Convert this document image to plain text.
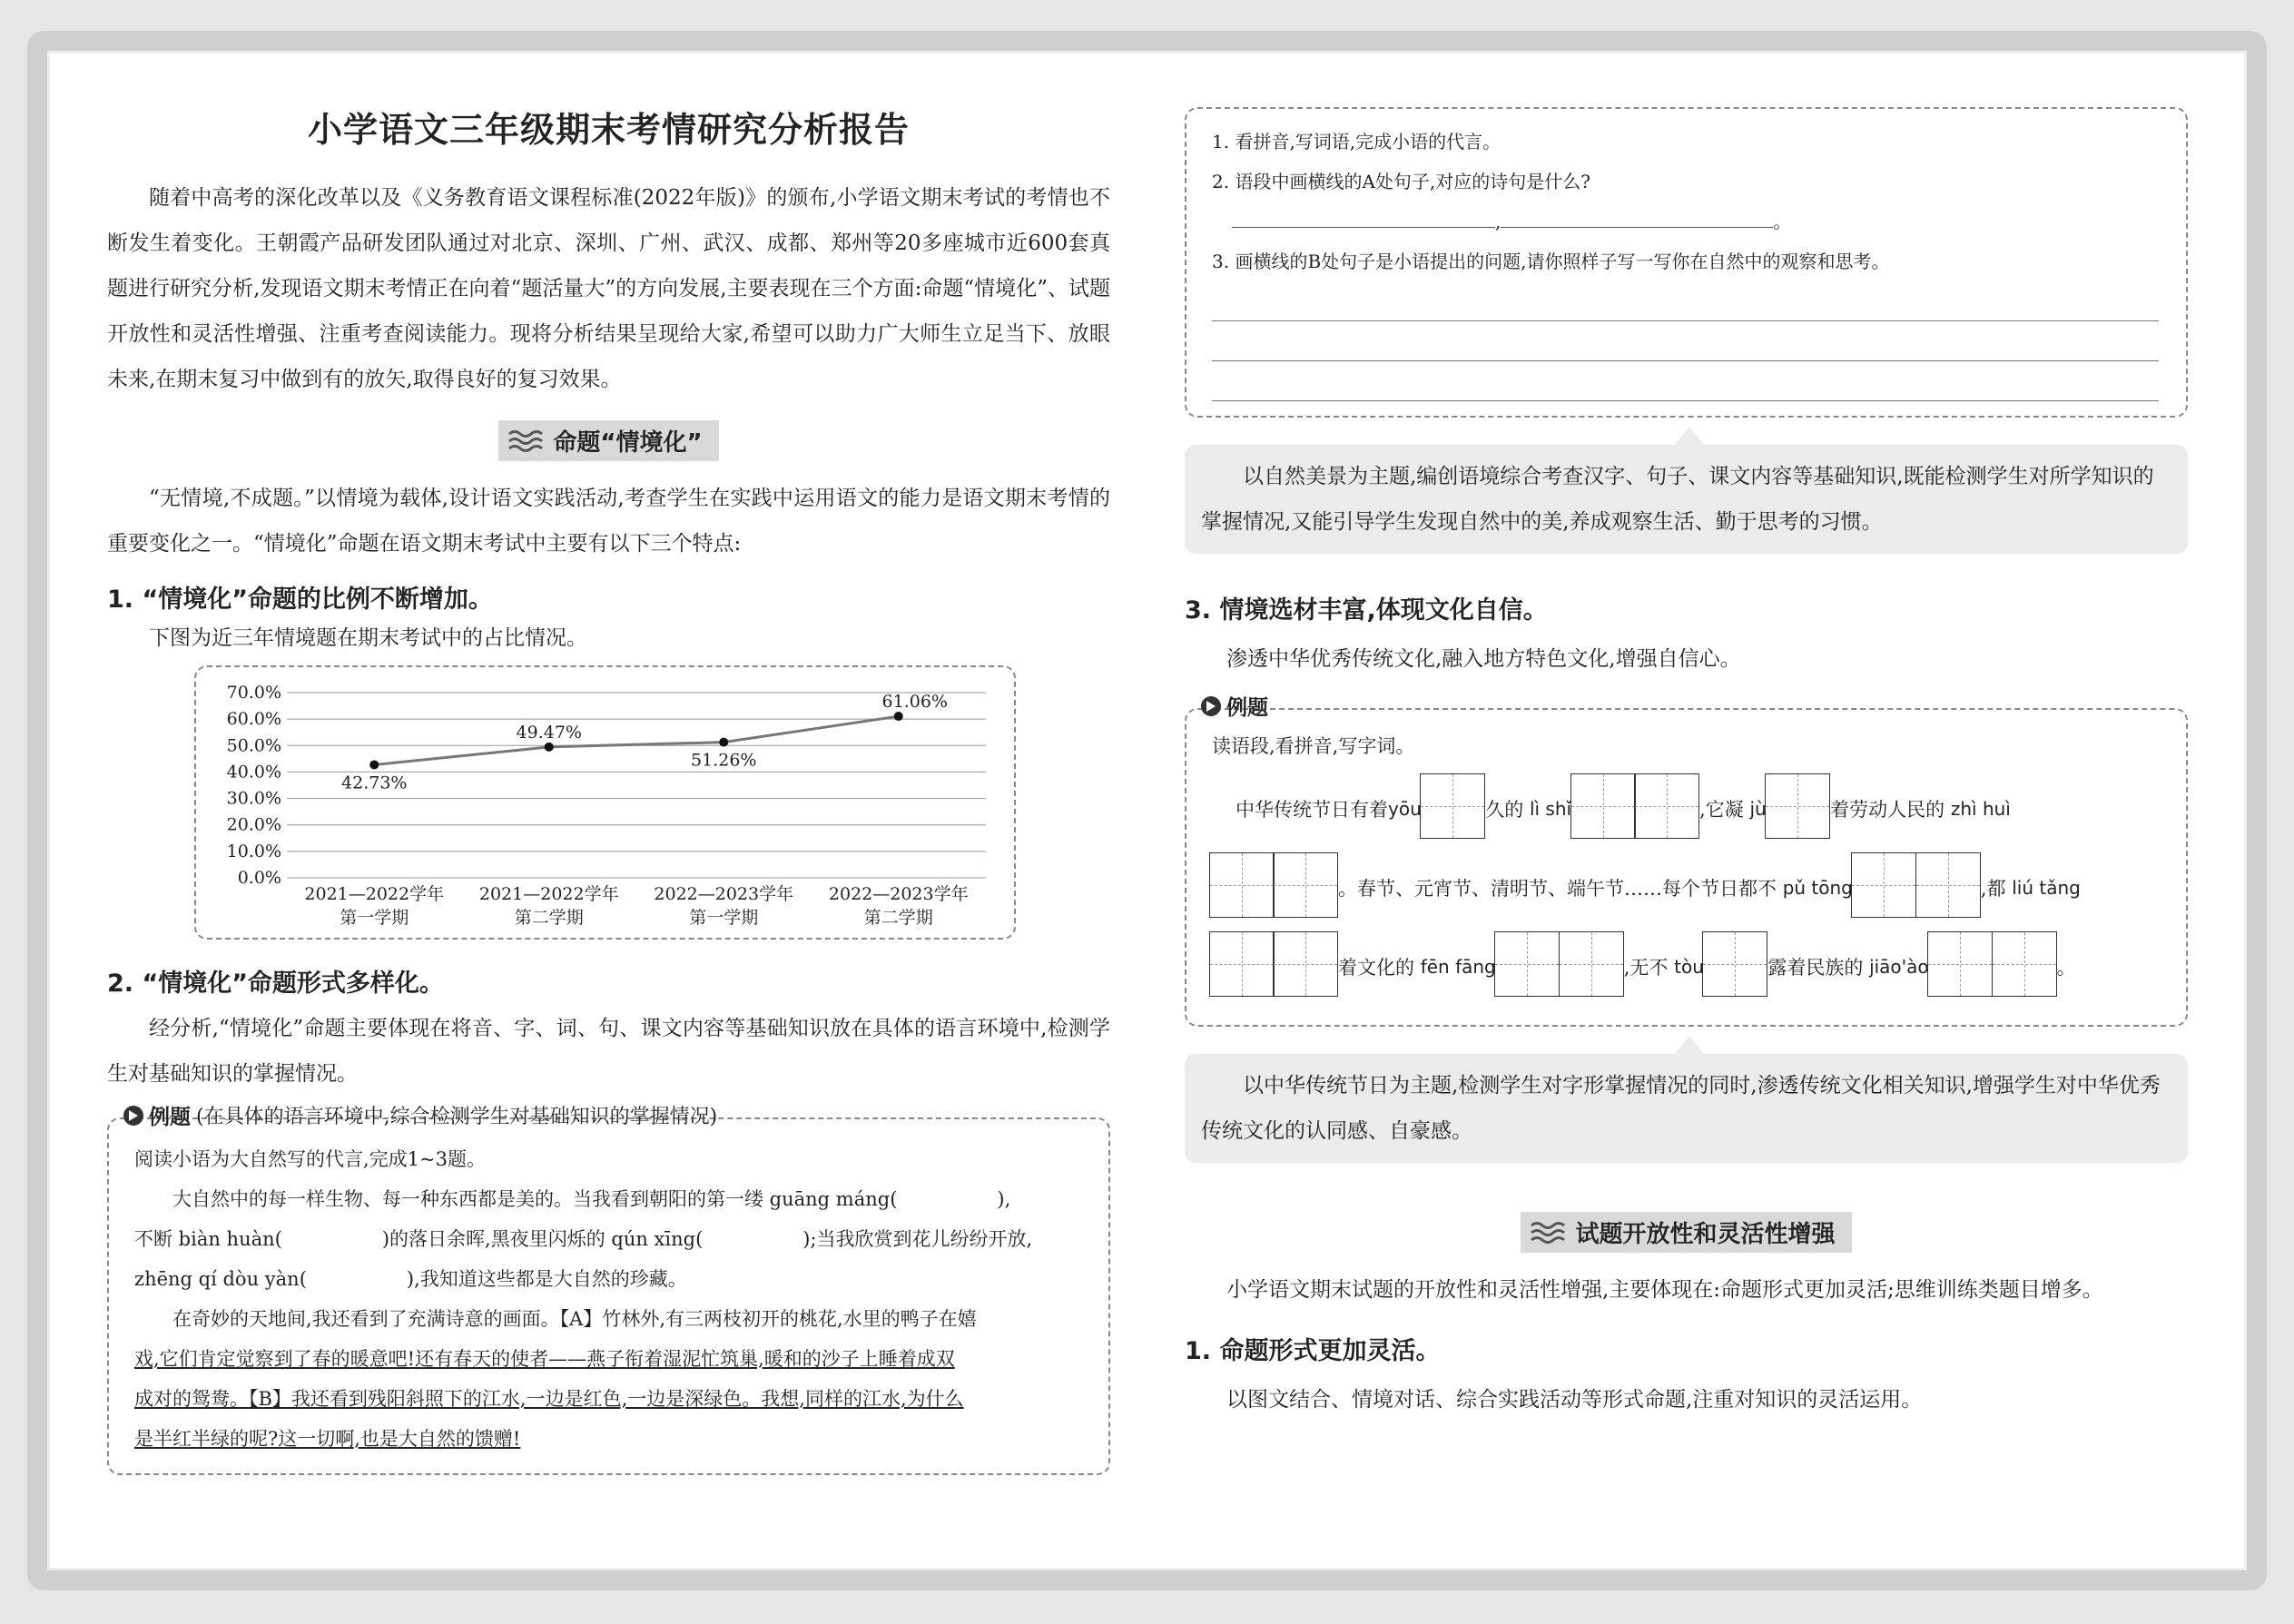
小学语文三年级期末考情研究分析报告

随着中高考的深化改革以及《义务教育语文课程标准(2022年版)》的颁布,小学语文期末考试的考情也不断发生着变化。王朝霞产品研发团队通过对北京、深圳、广州、武汉、成都、郑州等20多座城市近600套真题进行研究分析,发现语文期末考情正在向着“题活量大”的方向发展,主要表现在三个方面:命题“情境化”、试题开放性和灵活性增强、注重考查阅读能力。现将分析结果呈现给大家,希望可以助力广大师生立足当下、放眼未来,在期末复习中做到有的放矢,取得良好的复习效果。

命题“情境化”

“无情境,不成题。”以情境为载体,设计语文实践活动,考查学生在实践中运用语文的能力是语文期末考情的重要变化之一。“情境化”命题在语文期末考试中主要有以下三个特点:

1. “情境化”命题的比例不断增加。

下图为近三年情境题在期末考试中的占比情况。

0.0%
10.0%
20.0%
30.0%
40.0%
50.0%
60.0%
70.0%
42.73%
49.47%
51.26%
61.06%
2021—2022学年
第一学期
2021—2022学年
第二学期
2022—2023学年
第一学期
2022—2023学年
第二学期
2. “情境化”命题形式多样化。

经分析,“情境化”命题主要体现在将音、字、词、句、课文内容等基础知识放在具体的语言环境中,检测学生对基础知识的掌握情况。

例题 (在具体的语言环境中,综合检测学生对基础知识的掌握情况)
阅读小语为大自然写的代言,完成1~3题。
大自然中的每一样生物、每一种东西都是美的。当我看到朝阳的第一缕 guāng máng(	),
不断 biàn huàn(	)的落日余晖,黑夜里闪烁的 qún xīng(	);当我欣赏到花儿纷纷开放,
zhēng qí dòu yàn(	),我知道这些都是大自然的珍藏。
在奇妙的天地间,我还看到了充满诗意的画面。【A】竹林外,有三两枝初开的桃花,水里的鸭子在嬉
戏,它们肯定觉察到了春的暖意吧!还有春天的使者——燕子衔着湿泥忙筑巢,暖和的沙子上睡着成双
成对的鸳鸯。【B】我还看到残阳斜照下的江水,一边是红色,一边是深绿色。我想,同样的江水,为什么
是半红半绿的呢?这一切啊,也是大自然的馈赠!
1. 看拼音,写词语,完成小语的代言。
2. 语段中画横线的A处句子,对应的诗句是什么?
,	。
3. 画横线的B处句子是小语提出的问题,请你照样子写一写你在自然中的观察和思考。
以自然美景为主题,编创语境综合考查汉字、句子、课文内容等基础知识,既能检测学生对所学知识的掌握情况,又能引导学生发现自然中的美,养成观察生活、勤于思考的习惯。
3. 情境选材丰富,体现文化自信。

渗透中华优秀传统文化,融入地方特色文化,增强自信心。

例题
读语段,看拼音,写字词。
中华传统节日有着 yōu	久的
lì shǐ	,它凝
jù	着劳动人民的
zhì huì
。春节、元宵节、清明节、端午节……每个节日都不
pǔ tōng	,都
liú tǎng
着文化的
fēn fāng	,无不
tòu	露着民族的
jiāo'ào	。
以中华传统节日为主题,检测学生对字形掌握情况的同时,渗透传统文化相关知识,增强学生对中华优秀传统文化的认同感、自豪感。
试题开放性和灵活性增强

小学语文期末试题的开放性和灵活性增强,主要体现在:命题形式更加灵活;思维训练类题目增多。

1. 命题形式更加灵活。

以图文结合、情境对话、综合实践活动等形式命题,注重对知识的灵活运用。
